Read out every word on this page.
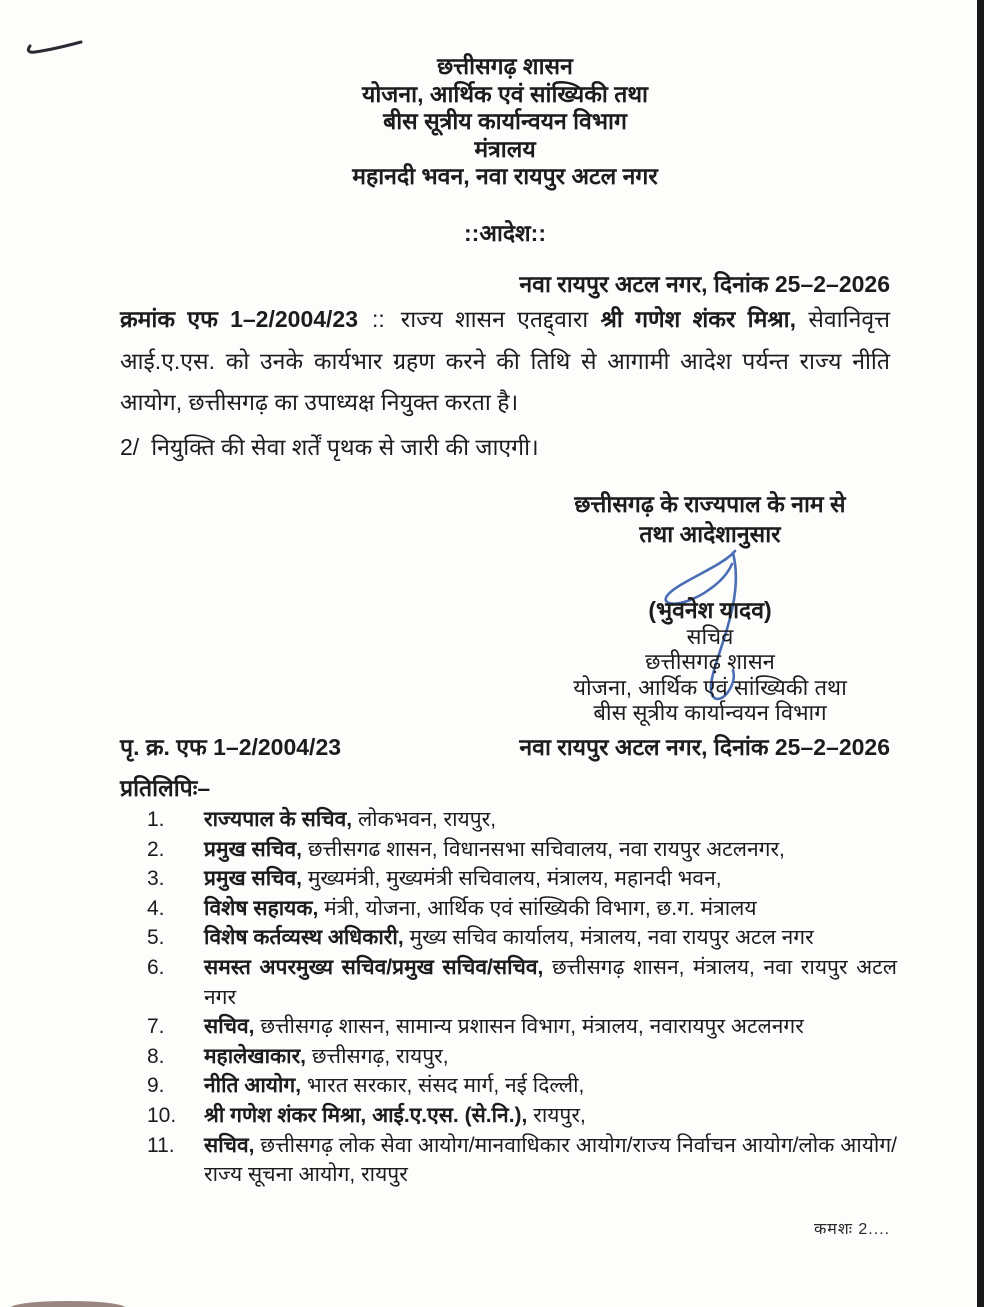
छत्तीसगढ़ शासन
योजना, आर्थिक एवं सांख्यिकी तथा
बीस सूत्रीय कार्यान्वयन विभाग
मंत्रालय
महानदी भवन, नवा रायपुर अटल नगर
::आदेश::
नवा रायपुर अटल नगर, दिनांक 25–2–2026
क्रमांक एफ 1–2/2004/23 :: राज्य शासन एतद्द्वारा श्री गणेश शंकर मिश्रा, सेवानिवृत्त आई.ए.एस. को उनके कार्यभार ग्रहण करने की तिथि से आगामी आदेश पर्यन्त राज्य नीति आयोग, छत्तीसगढ़ का उपाध्यक्ष नियुक्त करता है।
2/ नियुक्ति की सेवा शर्तें पृथक से जारी की जाएगी।
छत्तीसगढ़ के राज्यपाल के नाम से
तथा आदेशानुसार
(भुवनेश यादव)
सचिव
छत्तीसगढ़ शासन
योजना, आर्थिक एवं सांख्यिकी तथा
बीस सूत्रीय कार्यान्वयन विभाग
पृ. क्र. एफ 1–2/2004/23	नवा रायपुर अटल नगर, दिनांक 25–2–2026
प्रतिलिपिः–
1.	राज्यपाल के सचिव, लोकभवन, रायपुर,
2.	प्रमुख सचिव, छत्तीसगढ शासन, विधानसभा सचिवालय, नवा रायपुर अटलनगर,
3.	प्रमुख सचिव, मुख्यमंत्री, मुख्यमंत्री सचिवालय, मंत्रालय, महानदी भवन,
4.	विशेष सहायक, मंत्री, योजना, आर्थिक एवं सांख्यिकी विभाग, छ.ग. मंत्रालय
5.	विशेष कर्तव्यस्थ अधिकारी, मुख्य सचिव कार्यालय, मंत्रालय, नवा रायपुर अटल नगर
6.	समस्त अपरमुख्य सचिव/प्रमुख सचिव/सचिव, छत्तीसगढ़ शासन, मंत्रालय, नवा रायपुर अटल नगर
7.	सचिव, छत्तीसगढ़ शासन, सामान्य प्रशासन विभाग, मंत्रालय, नवारायपुर अटलनगर
8.	महालेखाकार, छत्तीसगढ़, रायपुर,
9.	नीति आयोग, भारत सरकार, संसद मार्ग, नई दिल्ली,
10.	श्री गणेश शंकर मिश्रा, आई.ए.एस. (से.नि.), रायपुर,
11.	सचिव, छत्तीसगढ़ लोक सेवा आयोग/मानवाधिकार आयोग/राज्य निर्वाचन आयोग/लोक आयोग/राज्य सूचना आयोग, रायपुर
कमशः 2....
